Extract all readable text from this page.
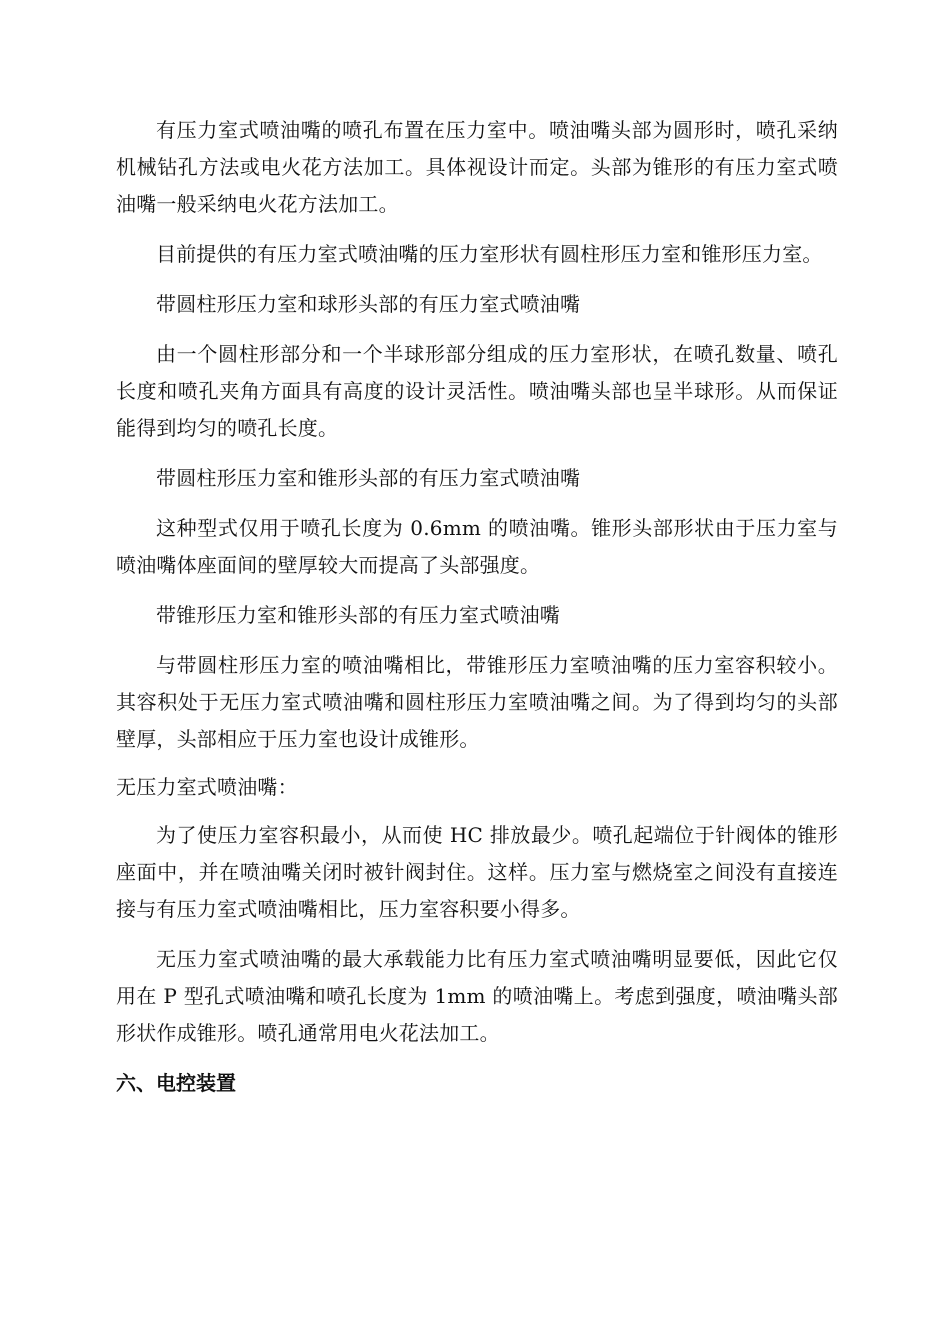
有压力室式喷油嘴的喷孔布置在压力室中。喷油嘴头部为圆形时，喷孔采纳机械钻孔方法或电火花方法加工。具体视设计而定。头部为锥形的有压力室式喷油嘴一般采纳电火花方法加工。

目前提供的有压力室式喷油嘴的压力室形状有圆柱形压力室和锥形压力室。

带圆柱形压力室和球形头部的有压力室式喷油嘴

由一个圆柱形部分和一个半球形部分组成的压力室形状，在喷孔数量、喷孔长度和喷孔夹角方面具有高度的设计灵活性。喷油嘴头部也呈半球形。从而保证能得到均匀的喷孔长度。

带圆柱形压力室和锥形头部的有压力室式喷油嘴

这种型式仅用于喷孔长度为 0.6mm 的喷油嘴。锥形头部形状由于压力室与喷油嘴体座面间的壁厚较大而提高了头部强度。

带锥形压力室和锥形头部的有压力室式喷油嘴

与带圆柱形压力室的喷油嘴相比，带锥形压力室喷油嘴的压力室容积较小。其容积处于无压力室式喷油嘴和圆柱形压力室喷油嘴之间。为了得到均匀的头部壁厚，头部相应于压力室也设计成锥形。

无压力室式喷油嘴：

为了使压力室容积最小，从而使 HC 排放最少。喷孔起端位于针阀体的锥形座面中，并在喷油嘴关闭时被针阀封住。这样。压力室与燃烧室之间没有直接连接与有压力室式喷油嘴相比，压力室容积要小得多。

无压力室式喷油嘴的最大承载能力比有压力室式喷油嘴明显要低，因此它仅用在 P 型孔式喷油嘴和喷孔长度为 1mm 的喷油嘴上。考虑到强度，喷油嘴头部形状作成锥形。喷孔通常用电火花法加工。

六、电控装置
